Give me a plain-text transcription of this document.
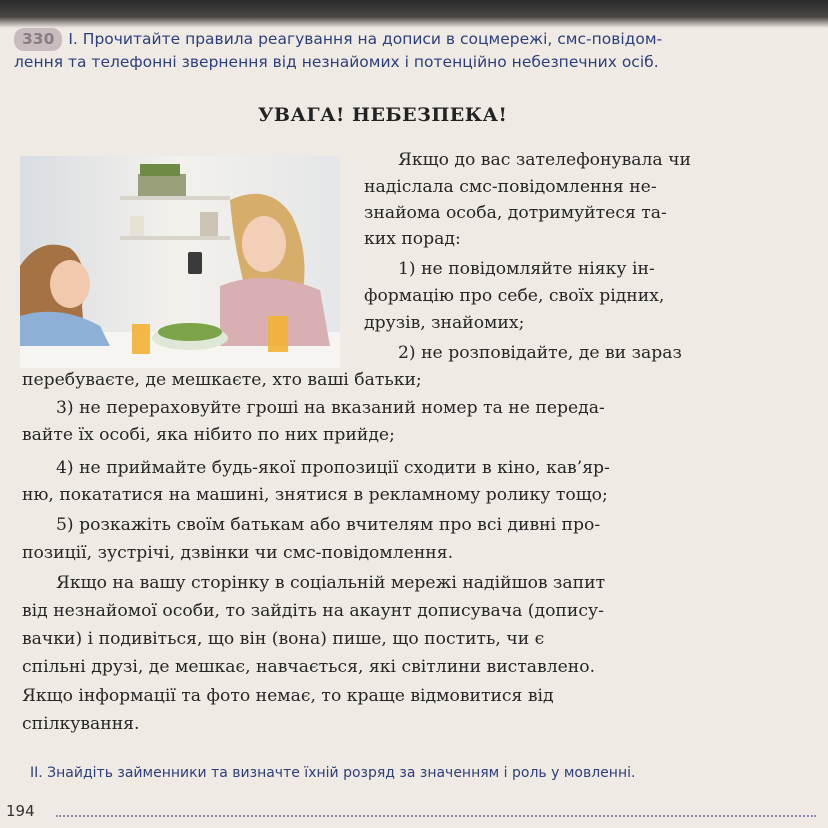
330 I. Прочитайте правила реагування на дописи в соцмережі, смс-повідом-
лення та телефонні звернення від незнайомих і потенційно небезпечних осіб.
УВАГА! НЕБЕЗПЕКА!
Якщо до вас зателефонувала чи
надіслала смс-повідомлення не-
знайома особа, дотримуйтеся та-
ких порад:
1) не повідомляйте ніяку ін-
формацію про себе, своїх рідних,
друзів, знайомих;
2) не розповідайте, де ви зараз
перебуваєте, де мешкаєте, хто ваші батьки;
3) не перераховуйте гроші на вказаний номер та не переда-
вайте їх особі, яка нібито по них прийде;
4) не приймайте будь-якої пропозиції сходити в кіно, кав’яр-
ню, покататися на машині, знятися в рекламному ролику тощо;
5) розкажіть своїм батькам або вчителям про всі дивні про-
позиції, зустрічі, дзвінки чи смс-повідомлення.
Якщо на вашу сторінку в соціальній мережі надійшов запит
від незнайомої особи, то зайдіть на акаунт дописувача (допису-
вачки) і подивіться, що він (вона) пише, що постить, чи є
спільні друзі, де мешкає, навчається, які світлини виставлено.
Якщо інформації та фото немає, то краще відмовитися від
спілкування.
II. Знайдіть займенники та визначте їхній розряд за значенням і роль у мовленні.
194
